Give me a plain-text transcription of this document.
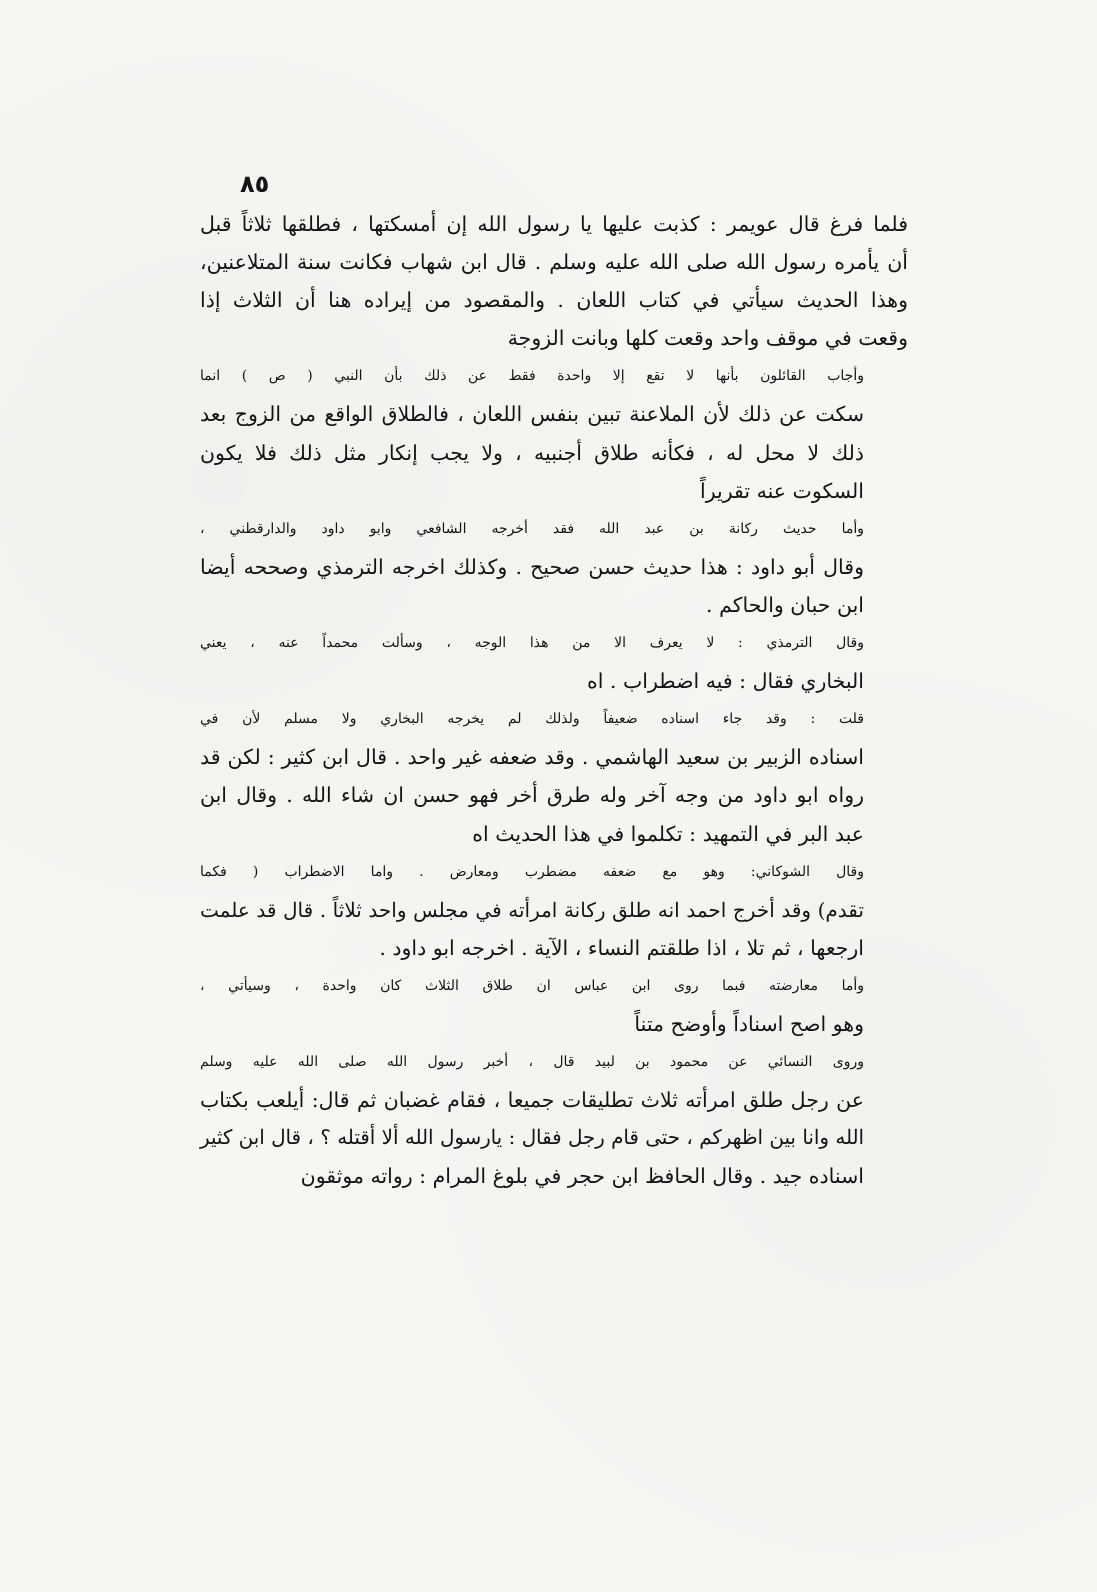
٨٥

فلما فرغ قال عويمر : كذبت عليها يا رسول الله إن أمسكتها ، فطلقها ثلاثاً قبل
أن يأمره رسول الله صلى الله عليه وسلم . قال ابن شهاب فكانت سنة المتلاعنين،
وهذا الحديث سيأتي في كتاب اللعان . والمقصود من إيراده هنا أن الثلاث إذا
وقعت في موقف واحد وقعت كلها وبانت الزوجة

وأجاب القائلون بأنها لا تقع إلا واحدة فقط عن ذلك بأن النبي ( ص ) انما
سكت عن ذلك لأن الملاعنة تبين بنفس اللعان ، فالطلاق الواقع من الزوج بعد
ذلك لا محل له ، فكأنه طلاق أجنبيه ، ولا يجب إنكار مثل ذلك فلا يكون
السكوت عنه تقريراً

وأما حديث ركانة بن عبد الله فقد أخرجه الشافعي وابو داود والدارقطني ،
وقال أبو داود : هذا حديث حسن صحيح . وكذلك اخرجه الترمذي وصححه أيضا
ابن حبان والحاكم .

وقال الترمذي : لا يعرف الا من هذا الوجه ، وسألت محمداً عنه ، يعني
البخاري فقال : فيه اضطراب . اه

قلت : وقد جاء اسناده ضعيفاً ولذلك لم يخرجه البخاري ولا مسلم لأن في
اسناده الزبير بن سعيد الهاشمي . وقد ضعفه غير واحد . قال ابن كثير : لكن قد
رواه ابو داود من وجه آخر وله طرق أخر فهو حسن ان شاء الله . وقال ابن
عبد البر في التمهيد : تكلموا في هذا الحديث اه

وقال الشوكاني: وهو مع ضعفه مضطرب ومعارض . واما الاضطراب ( فكما
تقدم) وقد أخرج احمد انه طلق ركانة امرأته في مجلس واحد ثلاثاً . قال قد علمت
ارجعها ، ثم تلا ، اذا طلقتم النساء ، الآية . اخرجه ابو داود .

وأما معارضته فبما روى ابن عباس ان طلاق الثلاث كان واحدة ، وسيأتي ،
وهو اصح اسناداً وأوضح متناً

وروى النسائي عن محمود بن لبيد قال ، أخبر رسول الله صلى الله عليه وسلم
عن رجل طلق امرأته ثلاث تطليقات جميعا ، فقام غضبان ثم قال: أيلعب بكتاب
الله وانا بين اظهركم ، حتى قام رجل فقال : يارسول الله ألا أقتله ؟ ، قال ابن كثير
اسناده جيد . وقال الحافظ ابن حجر في بلوغ المرام : رواته موثقون
